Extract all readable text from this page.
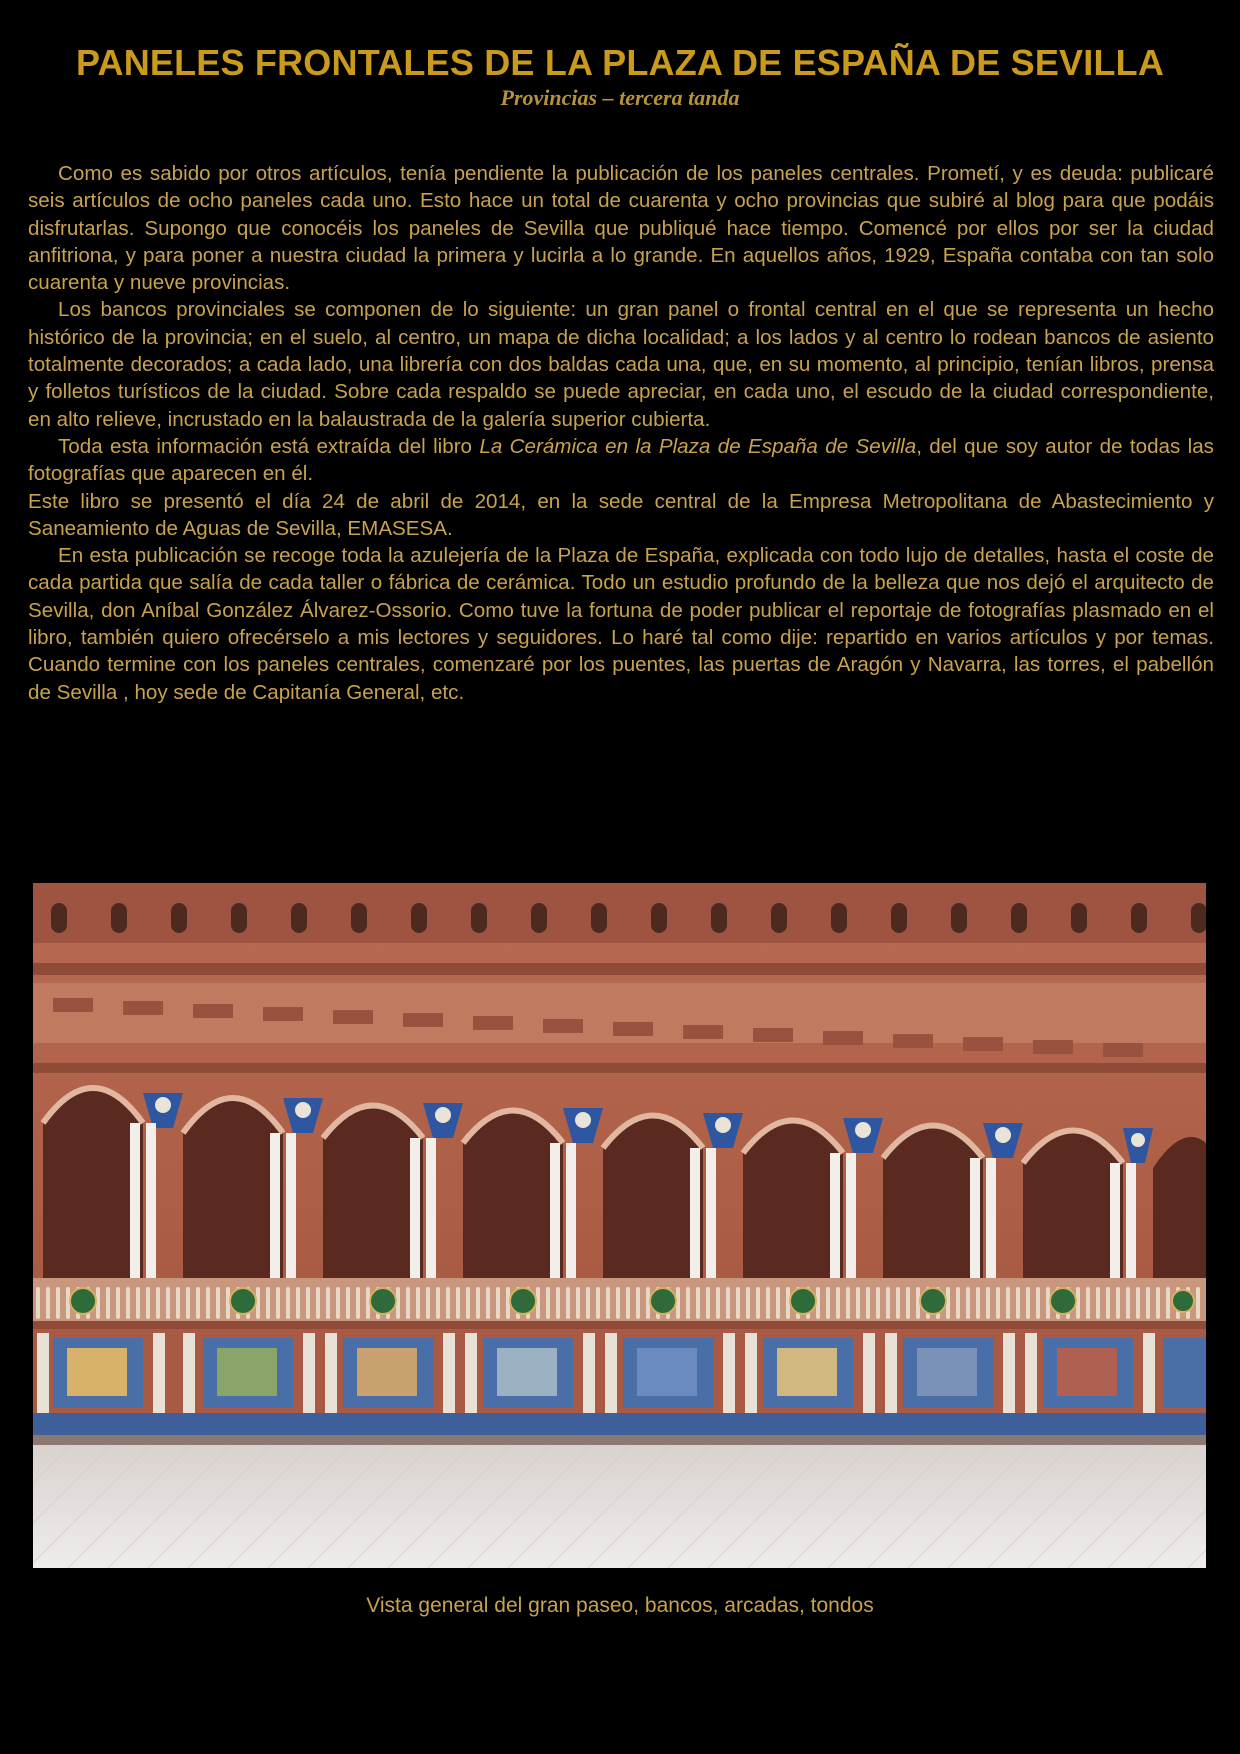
PANELES FRONTALES DE LA PLAZA DE ESPAÑA DE SEVILLA
Provincias – tercera tanda

Como es sabido por otros artículos, tenía pendiente la publicación de los paneles centrales. Prometí, y es deuda: publicaré seis artículos de ocho paneles cada uno. Esto hace un total de cuarenta y ocho provincias que subiré al blog para que podáis disfrutarlas. Supongo que conocéis los paneles de Sevilla que publiqué hace tiempo. Comencé por ellos por ser la ciudad anfitriona, y para poner a nuestra ciudad la primera y lucirla a lo grande. En aquellos años, 1929, España contaba con tan solo cuarenta y nueve provincias.

Los bancos provinciales se componen de lo siguiente: un gran panel o frontal central en el que se representa un hecho histórico de la provincia; en el suelo, al centro, un mapa de dicha localidad; a los lados y al centro lo rodean bancos de asiento totalmente decorados; a cada lado, una librería con dos baldas cada una, que, en su momento, al principio, tenían libros, prensa y folletos turísticos de la ciudad. Sobre cada respaldo se puede apreciar, en cada uno, el escudo de la ciudad correspondiente, en alto relieve, incrustado en la balaustrada de la galería superior cubierta.

Toda esta información está extraída del libro La Cerámica en la Plaza de España de Sevilla, del que soy autor de todas las fotografías que aparecen en él.

Este libro se presentó el día 24 de abril de 2014, en la sede central de la Empresa Metropolitana de Abastecimiento y Saneamiento de Aguas de Sevilla, EMASESA.

En esta publicación se recoge toda la azulejería de la Plaza de España, explicada con todo lujo de detalles, hasta el coste de cada partida que salía de cada taller o fábrica de cerámica. Todo un estudio profundo de la belleza que nos dejó el arquitecto de Sevilla, don Aníbal González Álvarez-Ossorio. Como tuve la fortuna de poder publicar el reportaje de fotografías plasmado en el libro, también quiero ofrecérselo a mis lectores y seguidores. Lo haré tal como dije: repartido en varios artículos y por temas. Cuando termine con los paneles centrales, comenzaré por los puentes, las puertas de Aragón y Navarra, las torres, el pabellón de Sevilla , hoy sede de Capitanía General, etc.

Vista general del gran paseo, bancos, arcadas, tondos
